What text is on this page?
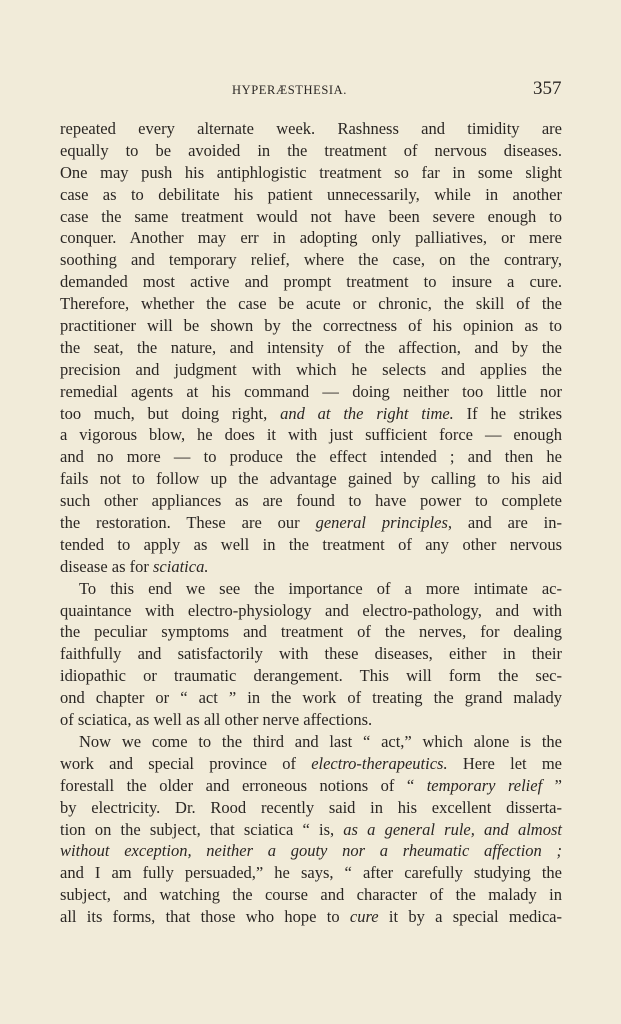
HYPERÆSTHESIA.	357
repeated every alternate week. Rashness and timidity are
equally to be avoided in the treatment of nervous diseases.
One may push his antiphlogistic treatment so far in some slight
case as to debilitate his patient unnecessarily, while in another
case the same treatment would not have been severe enough to
conquer. Another may err in adopting only palliatives, or mere
soothing and temporary relief, where the case, on the contrary,
demanded most active and prompt treatment to insure a cure.
Therefore, whether the case be acute or chronic, the skill of the
practitioner will be shown by the correctness of his opinion as to
the seat, the nature, and intensity of the affection, and by the
precision and judgment with which he selects and applies the
remedial agents at his command — doing neither too little nor
too much, but doing right, and at the right time. If he strikes
a vigorous blow, he does it with just sufficient force — enough
and no more — to produce the effect intended ; and then he
fails not to follow up the advantage gained by calling to his aid
such other appliances as are found to have power to complete
the restoration. These are our general principles, and are in-
tended to apply as well in the treatment of any other nervous
disease as for sciatica.
To this end we see the importance of a more intimate ac-
quaintance with electro-physiology and electro-pathology, and with
the peculiar symptoms and treatment of the nerves, for dealing
faithfully and satisfactorily with these diseases, either in their
idiopathic or traumatic derangement. This will form the sec-
ond chapter or “ act ” in the work of treating the grand malady
of sciatica, as well as all other nerve affections.
Now we come to the third and last “ act,” which alone is the
work and special province of electro-therapeutics. Here let me
forestall the older and erroneous notions of “ temporary relief ”
by electricity. Dr. Rood recently said in his excellent disserta-
tion on the subject, that sciatica “ is, as a general rule, and almost
without exception, neither a gouty nor a rheumatic affection ;
and I am fully persuaded,” he says, “ after carefully studying the
subject, and watching the course and character of the malady in
all its forms, that those who hope to cure it by a special medica-
